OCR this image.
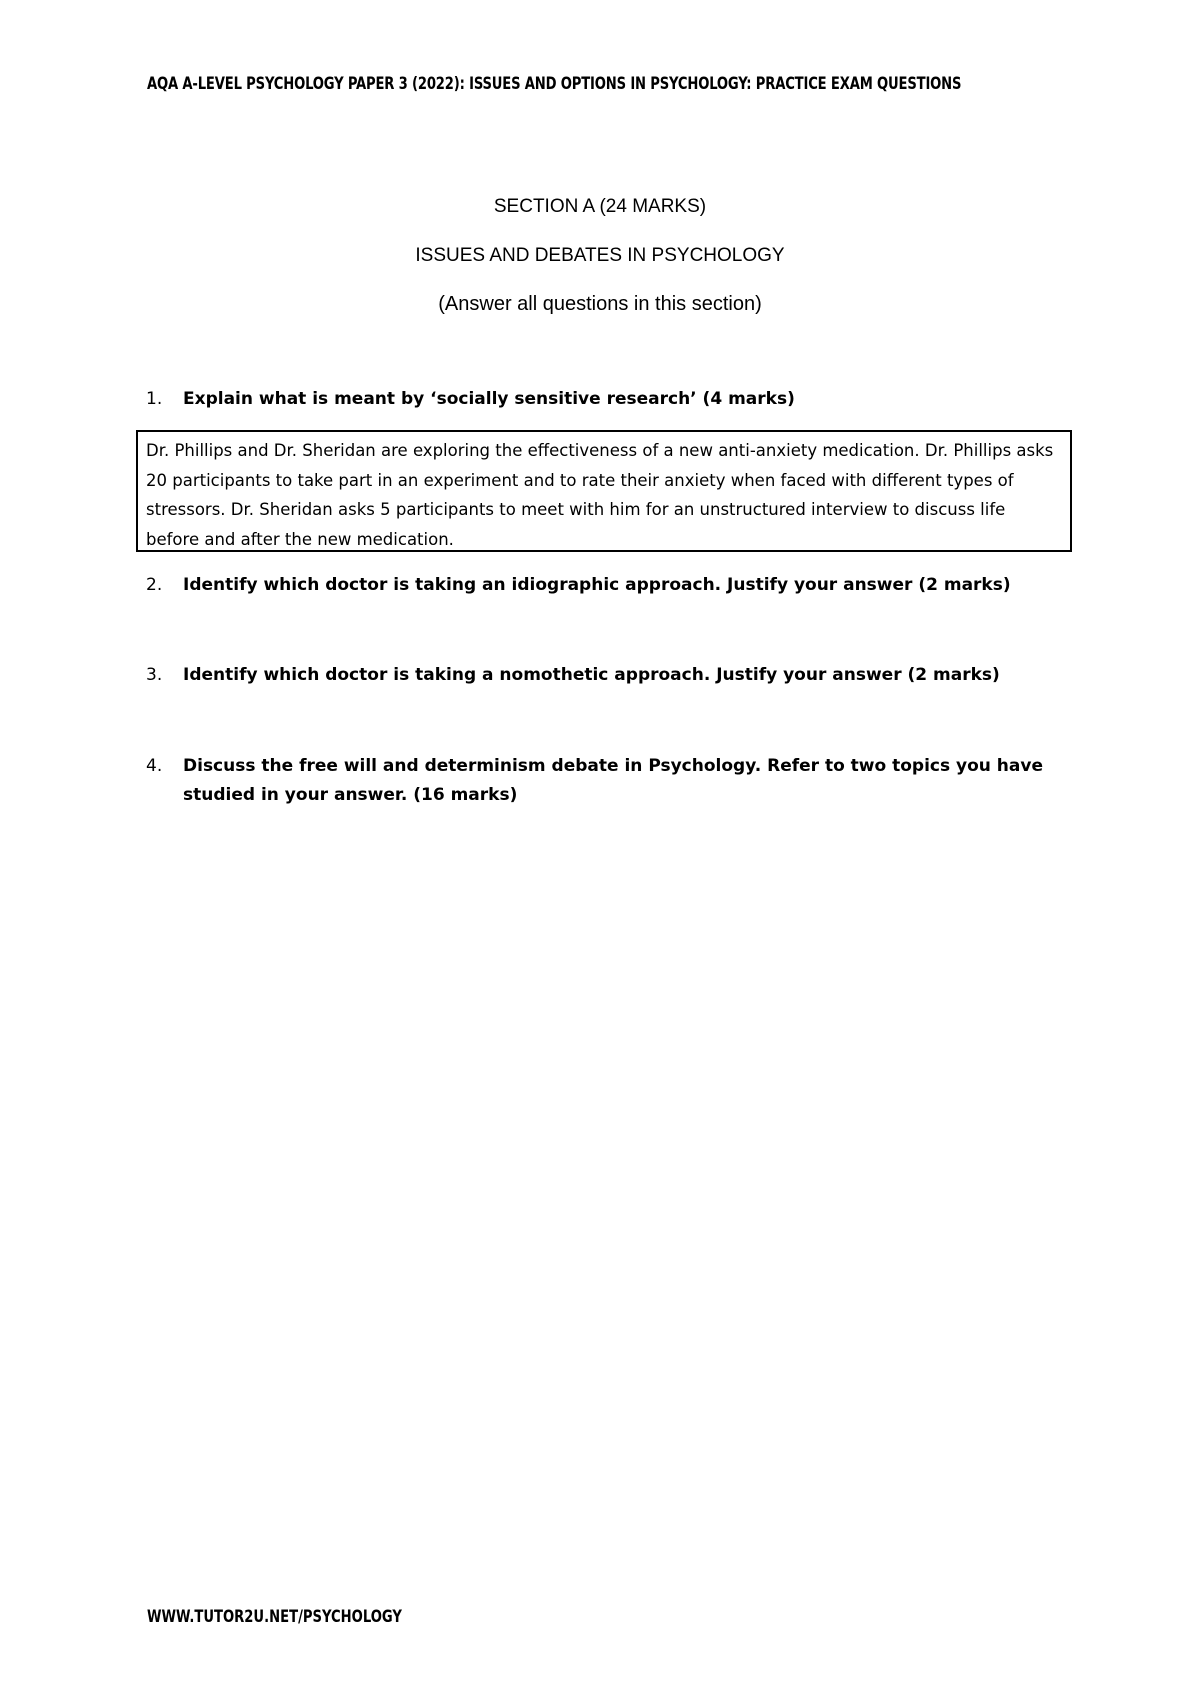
AQA A-LEVEL PSYCHOLOGY PAPER 3 (2022): ISSUES AND OPTIONS IN PSYCHOLOGY: PRACTICE EXAM QUESTIONS
SECTION A (24 MARKS)
ISSUES AND DEBATES IN PSYCHOLOGY
(Answer all questions in this section)
1.	Explain what is meant by ‘socially sensitive research’ (4 marks)
Dr. Phillips and Dr. Sheridan are exploring the effectiveness of a new anti-anxiety medication. Dr. Phillips asks 20 participants to take part in an experiment and to rate their anxiety when faced with different types of stressors. Dr. Sheridan asks 5 participants to meet with him for an unstructured interview to discuss life before and after the new medication.
2.	Identify which doctor is taking an idiographic approach. Justify your answer (2 marks)
3.	Identify which doctor is taking a nomothetic approach. Justify your answer (2 marks)
4.	Discuss the free will and determinism debate in Psychology. Refer to two topics you have studied in your answer. (16 marks)
WWW.TUTOR2U.NET/PSYCHOLOGY
